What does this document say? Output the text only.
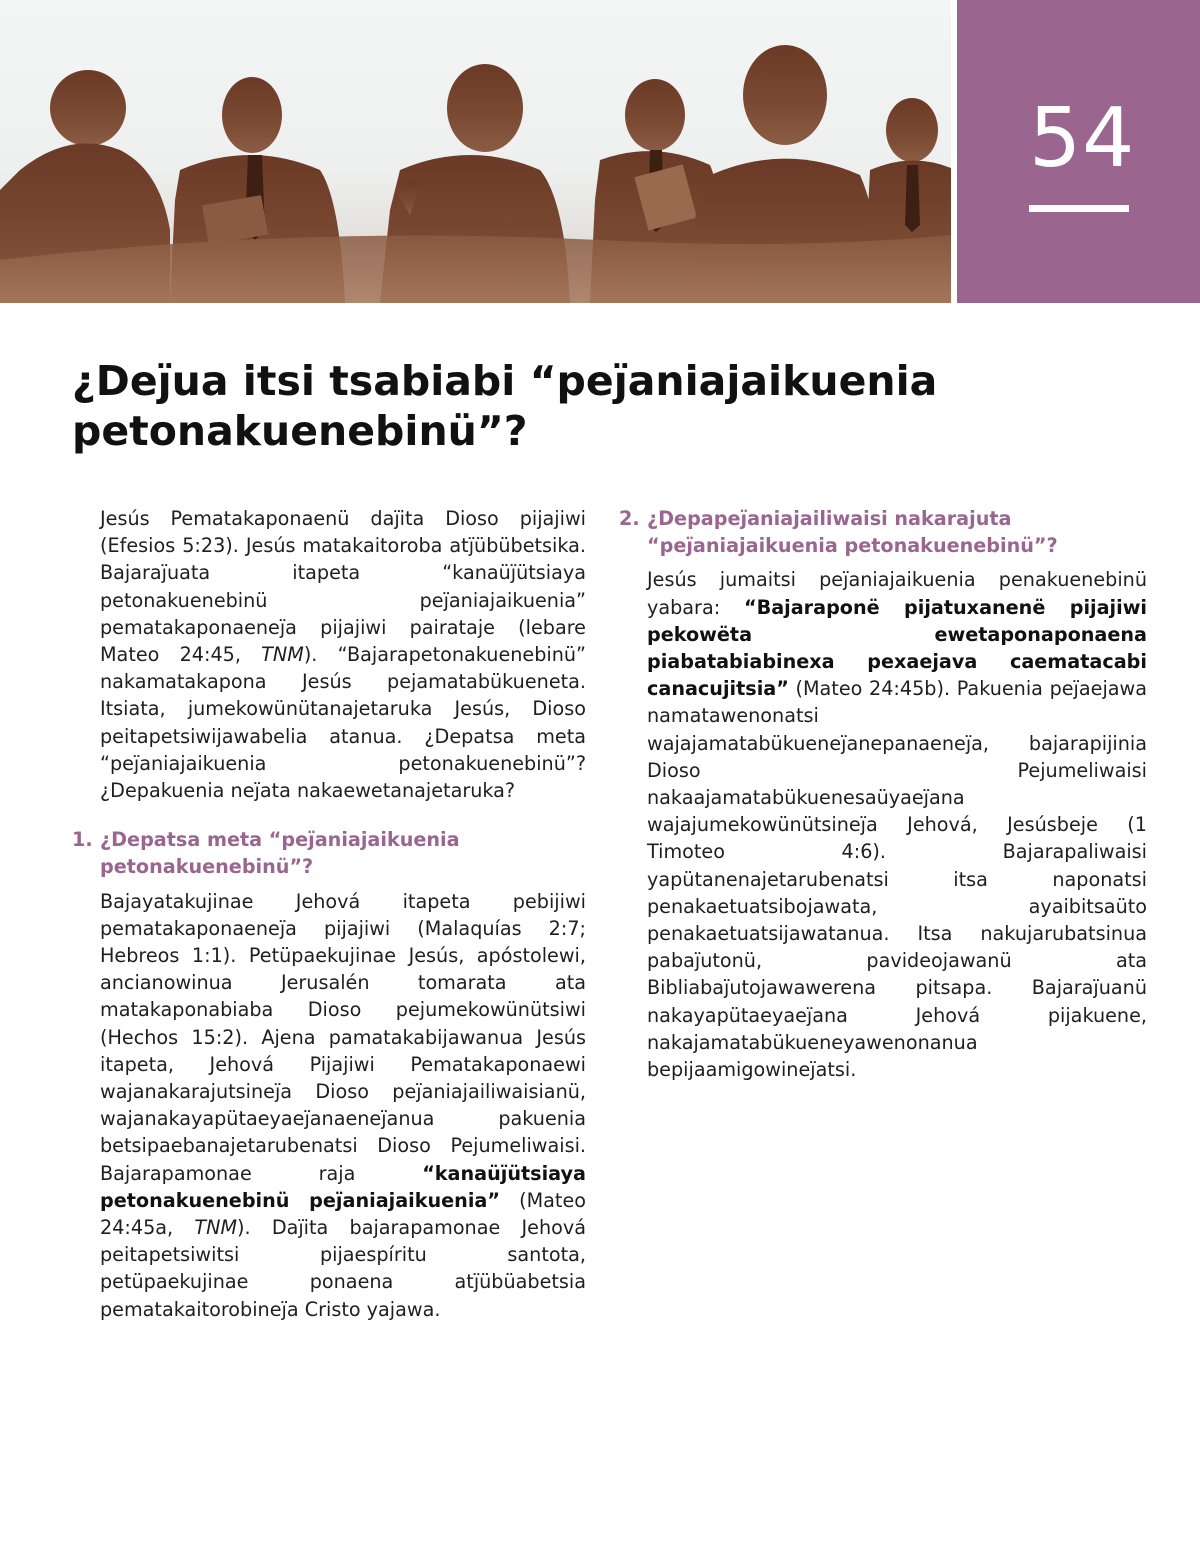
54
¿Deȷ̈ua itsi tsabiabi “peȷ̈aniajaikuenia petonakuenebinü”?

Jesús Pematakaponaenü daȷ̈ita Dioso pijajiwi (Efesios 5:23). Jesús matakaitoroba atȷ̈übübetsika. Bajaraȷ̈uata itapeta “kanaüȷ̈ütsiaya petonakuenebinü peȷ̈aniajaikuenia” pematakaponaeneȷ̈a pijajiwi pairataje (lebare Mateo 24:45, TNM). “Bajarapetonakuenebinü” nakamatakapona Jesús pejamatabükueneta. Itsiata, jumekowünütanajetaruka Jesús, Dioso peitapetsiwijawabelia atanua. ¿Depatsa meta “peȷ̈aniajaikuenia petonakuenebinü”? ¿Depakuenia neȷ̈ata nakaewetanajetaruka?

1. ¿Depatsa meta “peȷ̈aniajaikuenia petonakuenebinü”?

Bajayatakujinae Jehová itapeta pebijiwi pematakaponaeneȷ̈a pijajiwi (Malaquías 2:7; Hebreos 1:1). Petüpaekujinae Jesús, apóstolewi, ancianowinua Jerusalén tomarata ata matakaponabiaba Dioso pejumekowünütsiwi (Hechos 15:2). Ajena pamatakabijawanua Jesús itapeta, Jehová Pijajiwi Pematakaponaewi wajanakarajutsineȷ̈a Dioso peȷ̈aniajailiwaisianü, wajanakayapütaeyaeȷ̈anaeneȷ̈anua pakuenia betsipaebanajetarubenatsi Dioso Pejumeliwaisi. Bajarapamonae raja “kanaüȷ̈ütsiaya petonakuenebinü peȷ̈aniajaikuenia” (Mateo 24:45a, TNM). Daȷ̈ita bajarapamonae Jehová peitapetsiwitsi pijaespíritu santota, petüpaekujinae ponaena atȷ̈übüabetsia pematakaitorobineȷ̈a Cristo yajawa.

2. ¿Depapeȷ̈aniajailiwaisi nakarajuta “peȷ̈aniajaikuenia petonakuenebinü”?

Jesús jumaitsi peȷ̈aniajaikuenia penakuenebinü yabara: “Bajaraponë pijatuxanenë pijajiwi pekowëta ewetaponaponaena piabatabiabinexa pexaejava caematacabi canacujitsia” (Mateo 24:45b). Pakuenia peȷ̈aejawa namatawenonatsi wajajamatabükueneȷ̈anepanaeneȷ̈a, bajarapijinia Dioso Pejumeliwaisi nakaajamatabükuenesaüyaeȷ̈ana wajajumekowünütsineȷ̈a Jehová, Jesúsbeje (1 Timoteo 4:6). Bajarapaliwaisi yapütanenajetarubenatsi itsa naponatsi penakaetuatsibojawata, ayaibitsaüto penakaetuatsijawatanua. Itsa nakujarubatsinua pabaȷ̈utonü, pavideojawanü ata Bibliabaȷ̈utojawawerena pitsapa. Bajaraȷ̈uanü nakayapütaeyaeȷ̈ana Jehová pijakuene, nakajamatabükueneyawenonanua bepijaamigowineȷ̈atsi.
